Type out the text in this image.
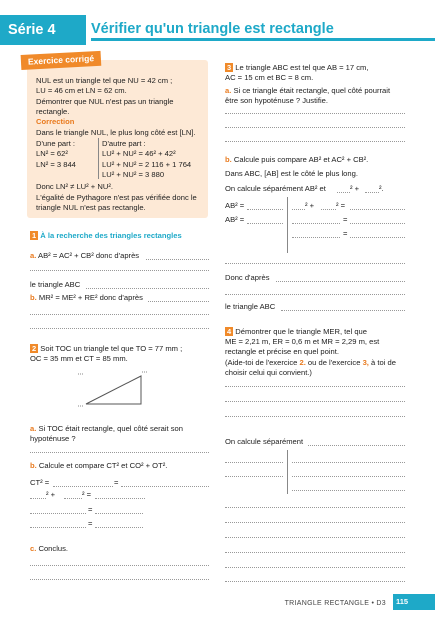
Série 4 Vérifier qu'un triangle est rectangle
Exercice corrigé
NUL est un triangle tel que NU = 42 cm ;
LU = 46 cm et LN = 62 cm.
Démontrer que NUL n'est pas un triangle
rectangle.
Correction
Dans le triangle NUL, le plus long côté est [LN].
D'une part :
LN² = 62²
LN² = 3 844
D'autre part :
LU² + NU² = 46² + 42²
LU² + NU² = 2 116 + 1 764
LU² + NU² = 3 880
Donc LN² ≠ LU² + NU².
L'égalité de Pythagore n'est pas vérifiée donc le
triangle NUL n'est pas rectangle.
1 À la recherche des triangles rectangles
a. AB² = AC² + CB² donc d'après
le triangle ABC
b. MR² = ME² + RE² donc d'après
2 Soit TOC un triangle tel que TO = 77 mm ;
OC = 35 mm et CT = 85 mm.
a. Si TOC était rectangle, quel côté serait son
hypoténuse ?
b. Calcule et compare CT² et CO² + OT².
CT² =	=
² +	² =
=
=
c. Conclus.
3 Le triangle ABC est tel que AB = 17 cm,
AC = 15 cm et BC = 8 cm.
a. Si ce triangle était rectangle, quel côté pourrait
être son hypoténuse ? Justifie.
b. Calcule puis compare AB² et AC² + CB².
Dans ABC, [AB] est le côté le plus long.
On calcule séparément AB² et	² +	².
AB² =
AB² =
² +	² =
=
=
Donc d'après
le triangle ABC
4 Démontrer que le triangle MER, tel que
ME = 2,21 m, ER = 0,6 m et MR = 2,29 m, est
rectangle et précise en quel point.
(Aide-toi de l'exercice 2. ou de l'exercice 3, à toi de
choisir celui qui convient.)
On calcule séparément
TRIANGLE RECTANGLE • D3	115
